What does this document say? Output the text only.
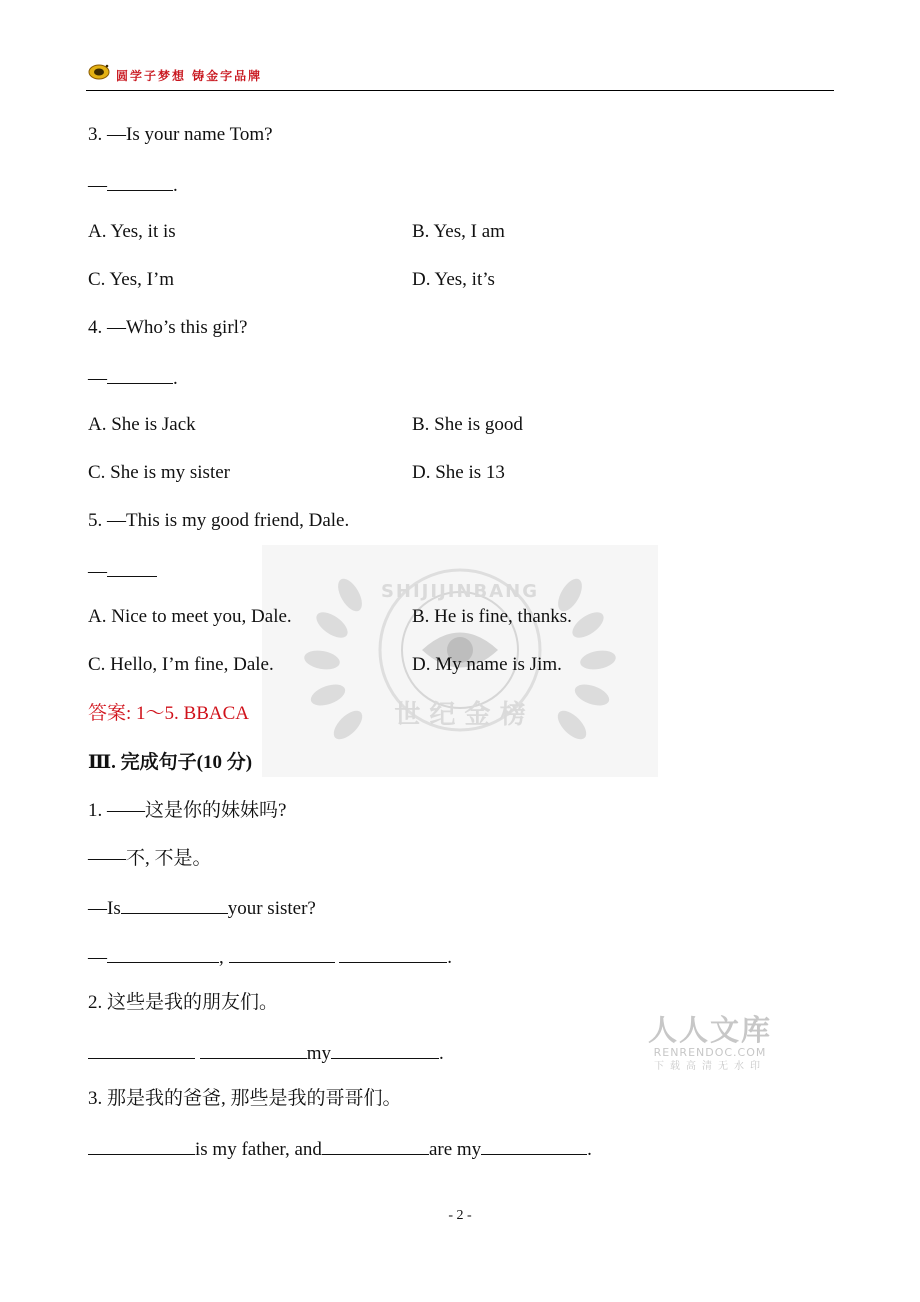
圆学子梦想 铸金字品牌
SHIJIJINBANG
世 纪 金 榜
3. —Is your name Tom?
—	.
A. Yes, it is	B. Yes, I am
C. Yes, I’m	D. Yes, it’s
4. —Who’s this girl?
—	.
A. She is Jack	B. She is good
C. She is my sister	D. She is 13
5. —This is my good friend, Dale.
—
A. Nice to meet you, Dale.	B. He is fine, thanks.
C. Hello, I’m fine, Dale.	D. My name is Jim.
答案: 1～5. BBACA
Ⅲ. 完成句子(10 分)
1. ——这是你的妹妹吗?
——不, 不是。
—Is	your sister?
—	,	.
2. 这些是我的朋友们。
my	.
3. 那是我的爸爸, 那些是我的哥哥们。
is my father, and	are my	.
人人文库
RENRENDOC.COM
下载高清无水印
- 2 -
